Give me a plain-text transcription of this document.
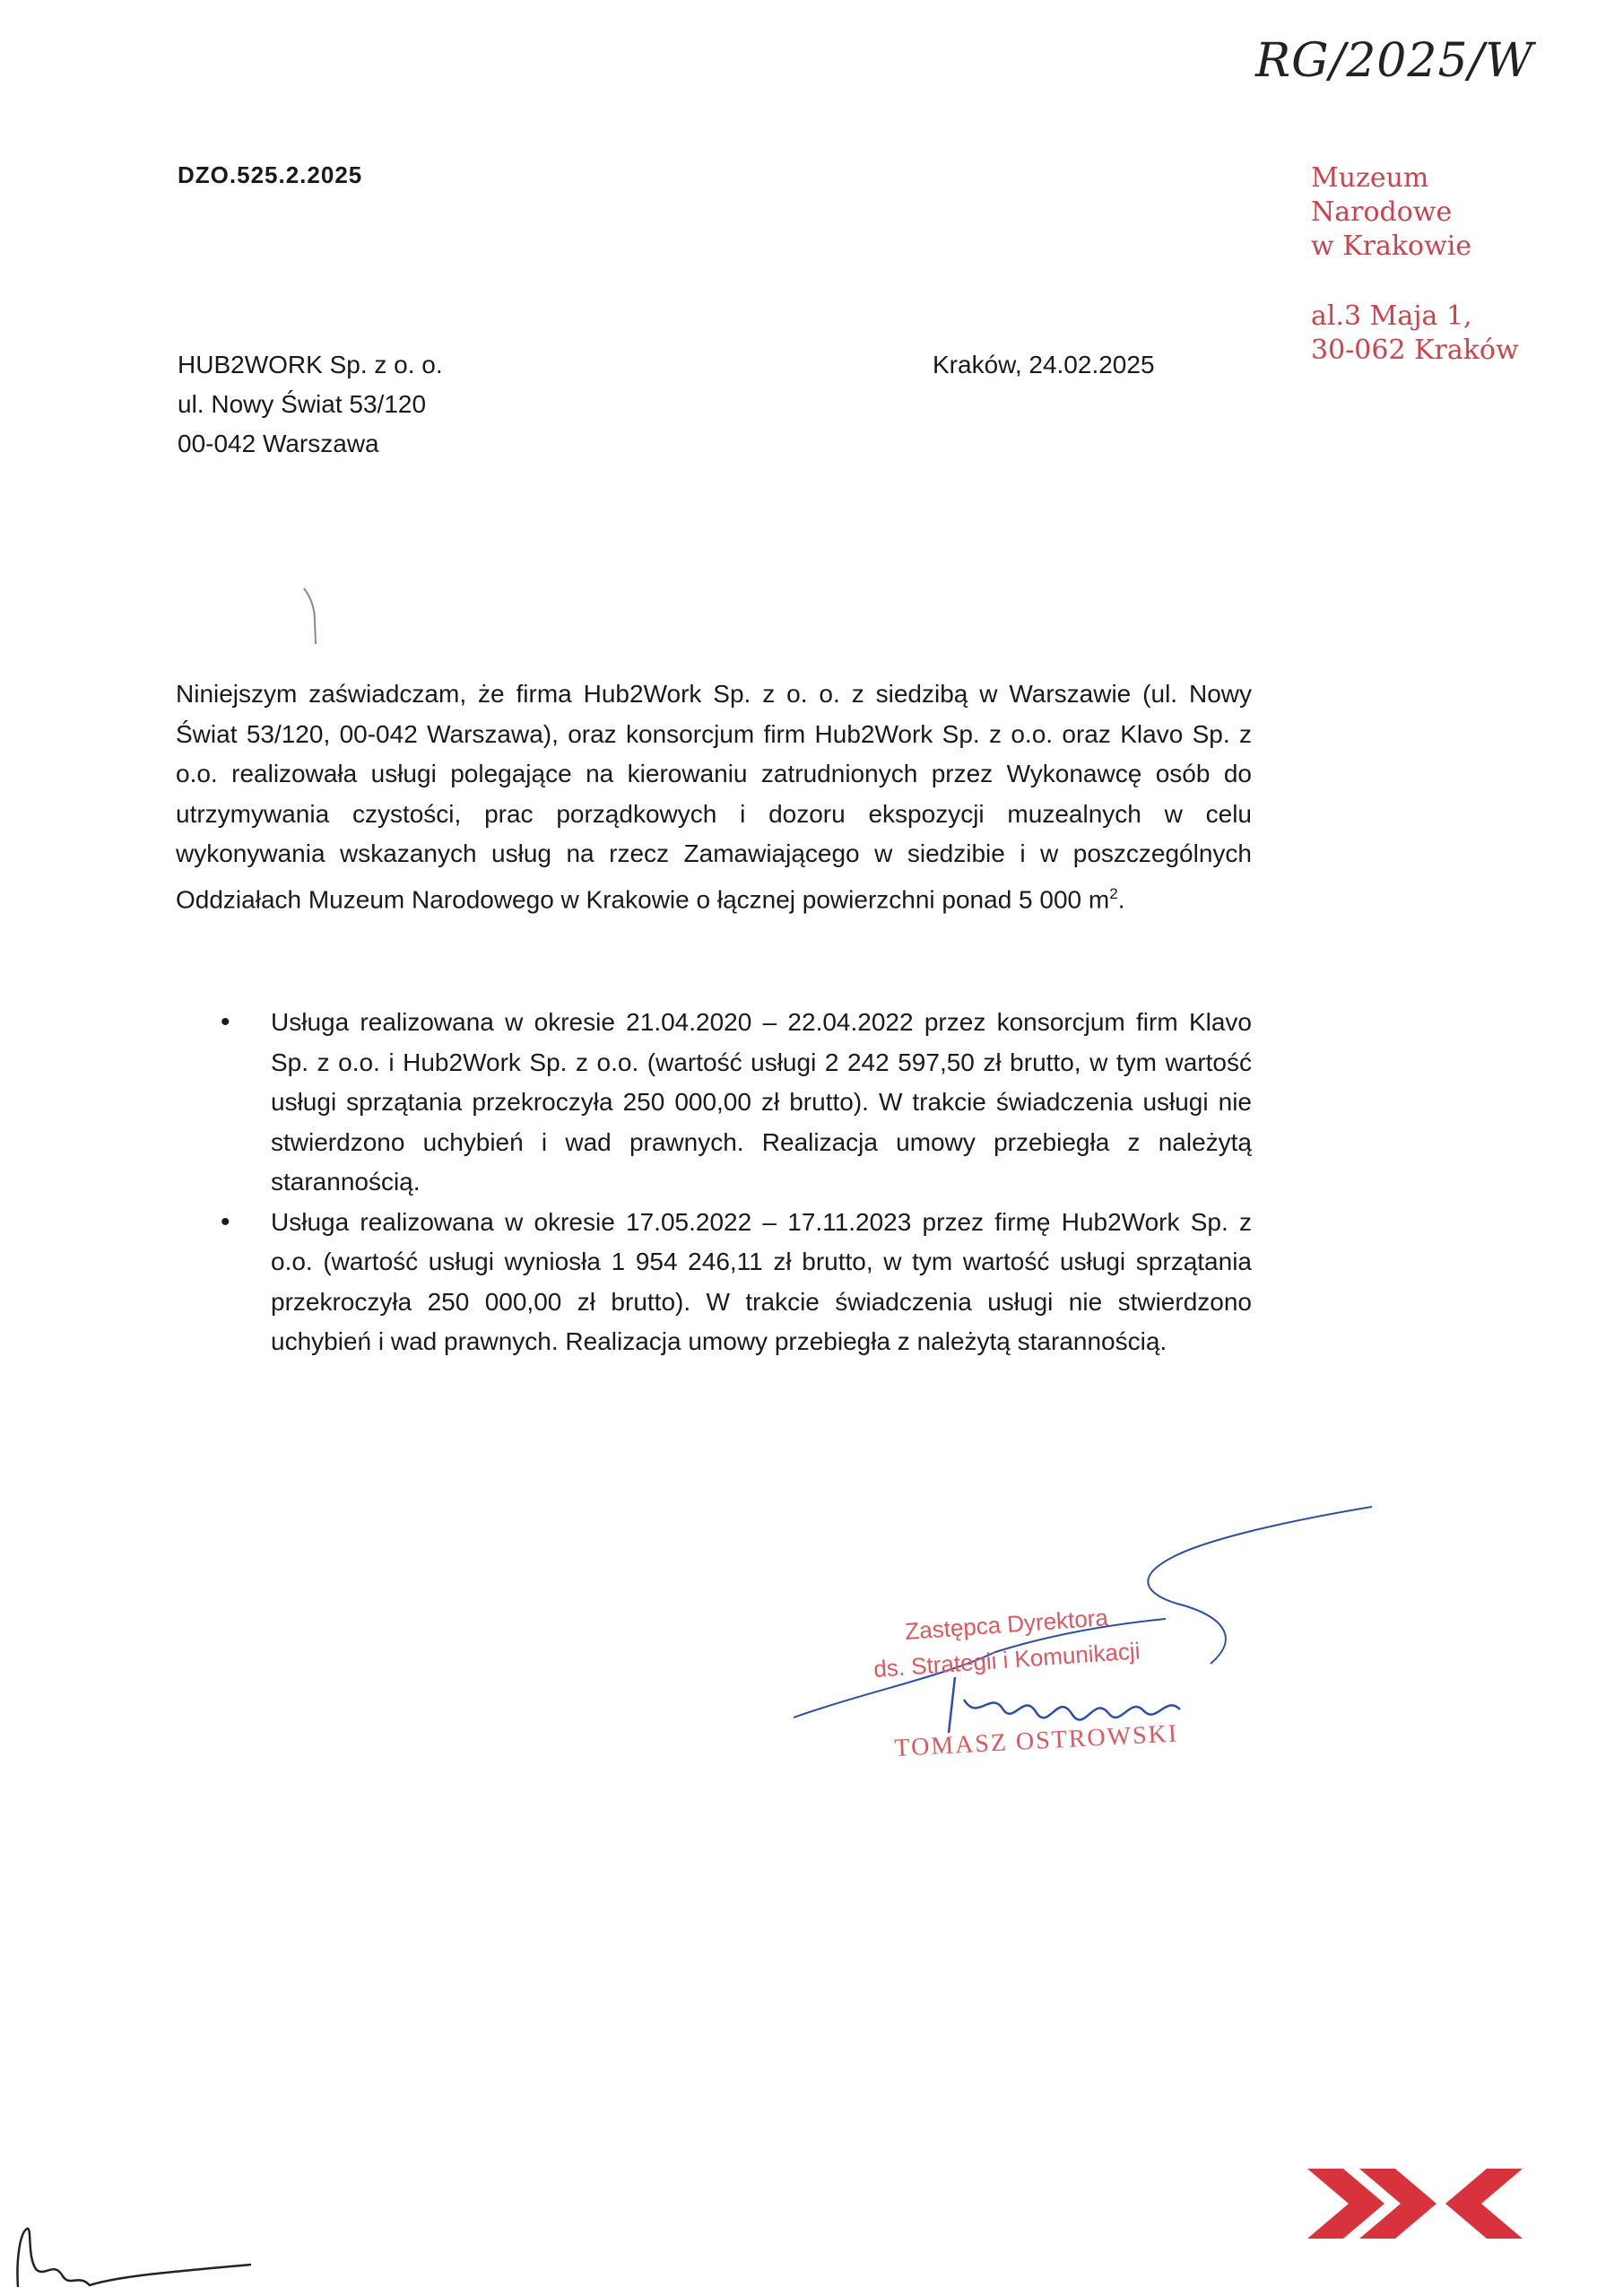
RG/2025/W
DZO.525.2.2025	Muzeum
Narodowe
w Krakowie
al.3 Maja 1,
30-062 Kraków
HUB2WORK Sp. z o. o.
ul. Nowy Świat 53/120
00-042 Warszawa
Kraków, 24.02.2025
Niniejszym zaświadczam, że firma Hub2Work Sp. z o. o. z siedzibą w Warszawie (ul. Nowy Świat 53/120, 00-042 Warszawa), oraz konsorcjum firm Hub2Work Sp. z o.o. oraz Klavo Sp. z o.o. realizowała usługi polegające na kierowaniu zatrudnionych przez Wykonawcę osób do utrzymywania czystości, prac porządkowych i dozoru ekspozycji muzealnych w celu wykonywania wskazanych usług na rzecz Zamawiającego w siedzibie i w poszczególnych Oddziałach Muzeum Narodowego w Krakowie o łącznej powierzchni ponad 5 000 $m^2$.
• Usługa realizowana w okresie 21.04.2020 – 22.04.2022 przez konsorcjum firm Klavo Sp. z o.o. i Hub2Work Sp. z o.o. (wartość usługi 2 242 597,50 zł brutto, w tym wartość usługi sprzątania przekroczyła 250 000,00 zł brutto). W trakcie świadczenia usługi nie stwierdzono uchybień i wad prawnych. Realizacja umowy przebiegła z należytą starannością.
• Usługa realizowana w okresie 17.05.2022 – 17.11.2023 przez firmę Hub2Work Sp. z o.o. (wartość usługi wyniosła 1 954 246,11 zł brutto, w tym wartość usługi sprzątania przekroczyła 250 000,00 zł brutto). W trakcie świadczenia usługi nie stwierdzono uchybień i wad prawnych. Realizacja umowy przebiegła z należytą starannością.
Zastępca Dyrektora
ds. Strategii i Komunikacji
TOMASZ OSTROWSKI
